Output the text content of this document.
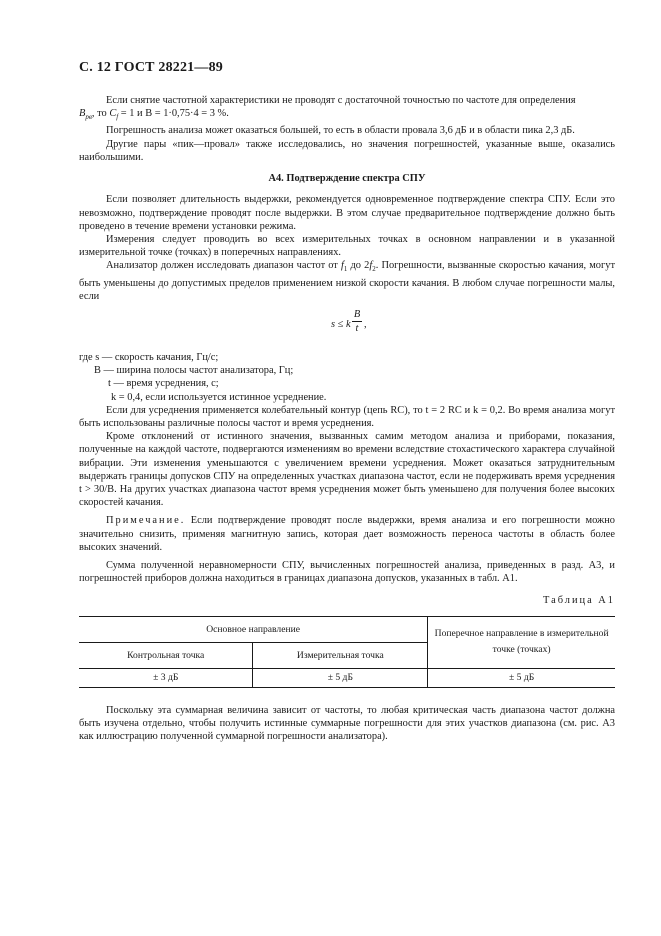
С. 12 ГОСТ 28221—89

Если снятие частотной характеристики не проводят с достаточной точностью по частоте для определения

$B_{рв}$, то $C_f = 1$ и B = 1·0,75·4 = 3 %.

Погрешность анализа может оказаться большей, то есть в области провала 3,6 дБ и в области пика 2,3 дБ.

Другие пары «пик—провал» также исследовались, но значения погрешностей, указанные выше, оказались наибольшими.

А4. Подтверждение спектра СПУ

Если позволяет длительность выдержки, рекомендуется одновременное подтверждение спектра СПУ. Если это невозможно, подтверждение проводят после выдержки. В этом случае предварительное подтверждение должно быть проведено в течение времени установки режима.

Измерения следует проводить во всех измерительных точках в основном направлении и в указанной измерительной точке (точках) в поперечных направлениях.

Анализатор должен исследовать диапазон частот от $f_1$ до $2f_2$. Погрешности, вызванные скоростью качания, могут быть уменьшены до допустимых пределов применением низкой скорости качания. В любом случае погрешности малы, если

s ≤ k $\frac{B}{t}$ ,
где s — скорость качания, Гц/с;
B — ширина полосы частот анализатора, Гц;
t — время усреднения, с;
k = 0,4, если используется истинное усреднение.

Если для усреднения применяется колебательный контур (цепь RC), то t = 2 RC и k = 0,2. Во время анализа могут быть использованы различные полосы частот и время усреднения.

Кроме отклонений от истинного значения, вызванных самим методом анализа и приборами, показания, полученные на каждой частоте, подвергаются изменениям во времени вследствие стохастического характера случайной вибрации. Эти изменения уменьшаются с увеличением времени усреднения. Может оказаться затруднительным выдержать границы допусков СПУ на определенных участках диапазона частот, если не подерживать время усреднения t > 30/B. На других участках диапазона частот время усреднения может быть уменьшено для получения более высоких скоростей качания.

Примечание. Если подтверждение проводят после выдержки, время анализа и его погрешности можно значительно снизить, применяя магнитную запись, которая дает возможность переноса частоты в область более высоких значений.

Сумма полученной неравномерности СПУ, вычисленных погрешностей анализа, приведенных в разд. А3, и погрешностей приборов должна находиться в границах диапазона допусков, указанных в табл. А1.

Таблица А1
Основное направление		Поперечное направление в измерительной точке (точках)
Контрольная точка	Измерительная точка	
± 3 дБ	± 5 дБ	± 5 дБ

Поскольку эта суммарная величина зависит от частоты, то любая критическая часть диапазона частот должна быть изучена отдельно, чтобы получить истинные суммарные погрешности для этих участков диапазона (см. рис. А3 как иллюстрацию полученной суммарной погрешности анализатора).
